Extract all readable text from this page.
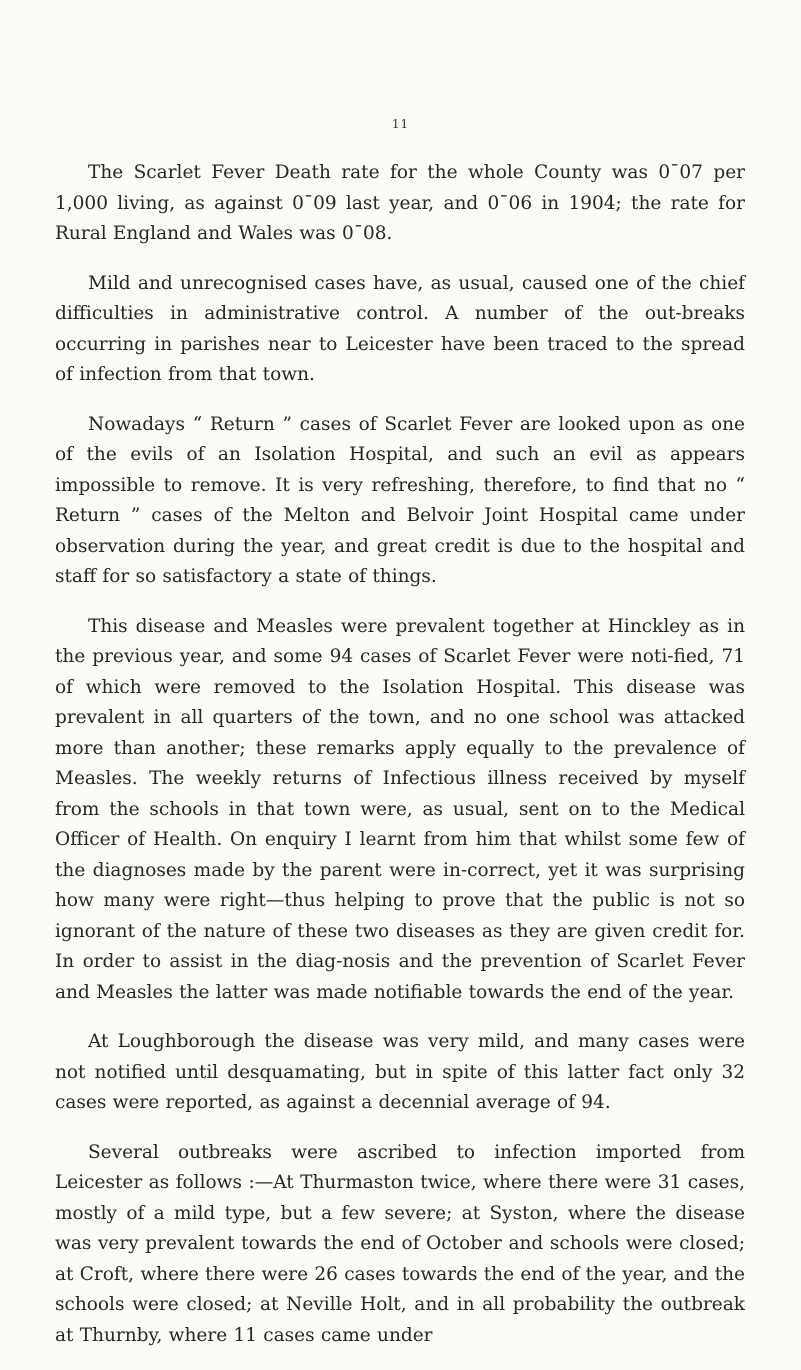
11

The Scarlet Fever Death rate for the whole County was 0ˉ07 per 1,000 living, as against 0ˉ09 last year, and 0ˉ06 in 1904; the rate for Rural England and Wales was 0ˉ08.

Mild and unrecognised cases have, as usual, caused one of the chief difficulties in administrative control. A number of the out-breaks occurring in parishes near to Leicester have been traced to the spread of infection from that town.

Nowadays “ Return ” cases of Scarlet Fever are looked upon as one of the evils of an Isolation Hospital, and such an evil as appears impossible to remove. It is very refreshing, therefore, to find that no “ Return ” cases of the Melton and Belvoir Joint Hospital came under observation during the year, and great credit is due to the hospital and staff for so satisfactory a state of things.

This disease and Measles were prevalent together at Hinckley as in the previous year, and some 94 cases of Scarlet Fever were noti-fied, 71 of which were removed to the Isolation Hospital. This disease was prevalent in all quarters of the town, and no one school was attacked more than another; these remarks apply equally to the prevalence of Measles. The weekly returns of Infectious illness received by myself from the schools in that town were, as usual, sent on to the Medical Officer of Health. On enquiry I learnt from him that whilst some few of the diagnoses made by the parent were in-correct, yet it was surprising how many were right—thus helping to prove that the public is not so ignorant of the nature of these two diseases as they are given credit for. In order to assist in the diag-nosis and the prevention of Scarlet Fever and Measles the latter was made notifiable towards the end of the year.

At Loughborough the disease was very mild, and many cases were not notified until desquamating, but in spite of this latter fact only 32 cases were reported, as against a decennial average of 94.

Several outbreaks were ascribed to infection imported from Leicester as follows :—At Thurmaston twice, where there were 31 cases, mostly of a mild type, but a few severe; at Syston, where the disease was very prevalent towards the end of October and schools were closed; at Croft, where there were 26 cases towards the end of the year, and the schools were closed; at Neville Holt, and in all probability the outbreak at Thurnby, where 11 cases came under
